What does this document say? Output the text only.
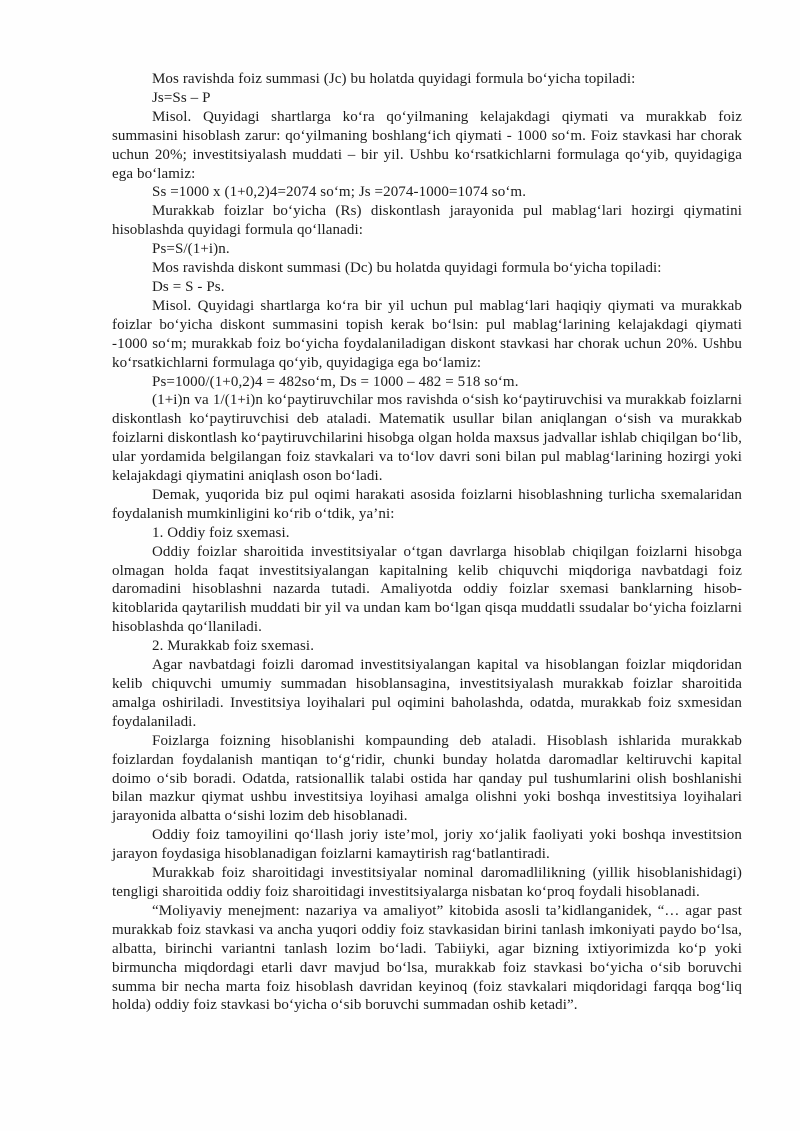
Mos ravishda foiz summasi (Jc) bu holatda quyidagi formula bo‘yicha topiladi:

Js=Ss – P

Misol. Quyidagi shartlarga ko‘ra qo‘yilmaning kelajakdagi qiymati va murakkab foiz summasini hisoblash zarur: qo‘yilmaning boshlang‘ich qiymati - 1000 so‘m. Foiz stavkasi har chorak uchun 20%; investitsiyalash muddati – bir yil. Ushbu ko‘rsatkichlarni formulaga qo‘yib, quyidagiga ega bo‘lamiz:

Ss =1000 x (1+0,2)4=2074 so‘m; Js =2074-1000=1074 so‘m.

Murakkab foizlar bo‘yicha (Rs) diskontlash jarayonida pul mablag‘lari hozirgi qiymatini hisoblashda quyidagi formula qo‘llanadi:

Ps=S/(1+i)n.

Mos ravishda diskont summasi (Dc) bu holatda quyidagi formula bo‘yicha topiladi:

Ds = S - Ps.

Misol. Quyidagi shartlarga ko‘ra bir yil uchun pul mablag‘lari haqiqiy qiymati va murakkab foizlar bo‘yicha diskont summasini topish kerak bo‘lsin: pul mablag‘larining kelajakdagi qiymati -1000 so‘m; murakkab foiz bo‘yicha foydalaniladigan diskont stavkasi har chorak uchun 20%. Ushbu ko‘rsatkichlarni formulaga qo‘yib, quyidagiga ega bo‘lamiz:

Ps=1000/(1+0,2)4 = 482so‘m, Ds = 1000 – 482 = 518 so‘m.

(1+i)n va 1/(1+i)n ko‘paytiruvchilar mos ravishda o‘sish ko‘paytiruvchisi va murakkab foizlarni diskontlash ko‘paytiruvchisi deb ataladi. Matematik usullar bilan aniqlangan o‘sish va murakkab foizlarni diskontlash ko‘paytiruvchilarini hisobga olgan holda maxsus jadvallar ishlab chiqilgan bo‘lib, ular yordamida belgilangan foiz stavkalari va to‘lov davri soni bilan pul mablag‘larining hozirgi yoki kelajakdagi qiymatini aniqlash oson bo‘ladi.

Demak, yuqorida biz pul oqimi harakati asosida foizlarni hisoblashning turlicha sxemalaridan foydalanish mumkinligini ko‘rib o‘tdik, ya’ni:

1. Oddiy foiz sxemasi.

Oddiy foizlar sharoitida investitsiyalar o‘tgan davrlarga hisoblab chiqilgan foizlarni hisobga olmagan holda faqat investitsiyalangan kapitalning kelib chiquvchi miqdoriga navbatdagi foiz daromadini hisoblashni nazarda tutadi. Amaliyotda oddiy foizlar sxemasi banklarning hisob-kitoblarida qaytarilish muddati bir yil va undan kam bo‘lgan qisqa muddatli ssudalar bo‘yicha foizlarni hisoblashda qo‘llaniladi.

2. Murakkab foiz sxemasi.

Agar navbatdagi foizli daromad investitsiyalangan kapital va hisoblangan foizlar miqdoridan kelib chiquvchi umumiy summadan hisoblansagina, investitsiyalash murakkab foizlar sharoitida amalga oshiriladi. Investitsiya loyihalari pul oqimini baholashda, odatda, murakkab foiz sxmesidan foydalaniladi.

Foizlarga foizning hisoblanishi kompaunding deb ataladi. Hisoblash ishlarida murakkab foizlardan foydalanish mantiqan to‘g‘ridir, chunki bunday holatda daromadlar keltiruvchi kapital doimo o‘sib boradi. Odatda, ratsionallik talabi ostida har qanday pul tushumlarini olish boshlanishi bilan mazkur qiymat ushbu investitsiya loyihasi amalga olishni yoki boshqa investitsiya loyihalari jarayonida albatta o‘sishi lozim deb hisoblanadi.

Oddiy foiz tamoyilini qo‘llash joriy iste’mol, joriy xo‘jalik faoliyati yoki boshqa investitsion jarayon foydasiga hisoblanadigan foizlarni kamaytirish rag‘batlantiradi.

Murakkab foiz sharoitidagi investitsiyalar nominal daromadlilikning (yillik hisoblanishidagi) tengligi sharoitida oddiy foiz sharoitidagi investitsiyalarga nisbatan ko‘proq foydali hisoblanadi.

“Moliyaviy menejment: nazariya va amaliyot” kitobida asosli ta’kidlanganidek, “… agar past murakkab foiz stavkasi va ancha yuqori oddiy foiz stavkasidan birini tanlash imkoniyati paydo bo‘lsa, albatta, birinchi variantni tanlash lozim bo‘ladi. Tabiiyki, agar bizning ixtiyorimizda ko‘p yoki birmuncha miqdordagi etarli davr mavjud bo‘lsa, murakkab foiz stavkasi bo‘yicha o‘sib boruvchi summa bir necha marta foiz hisoblash davridan keyinoq (foiz stavkalari miqdoridagi farqqa bog‘liq holda) oddiy foiz stavkasi bo‘yicha o‘sib boruvchi summadan oshib ketadi”.
